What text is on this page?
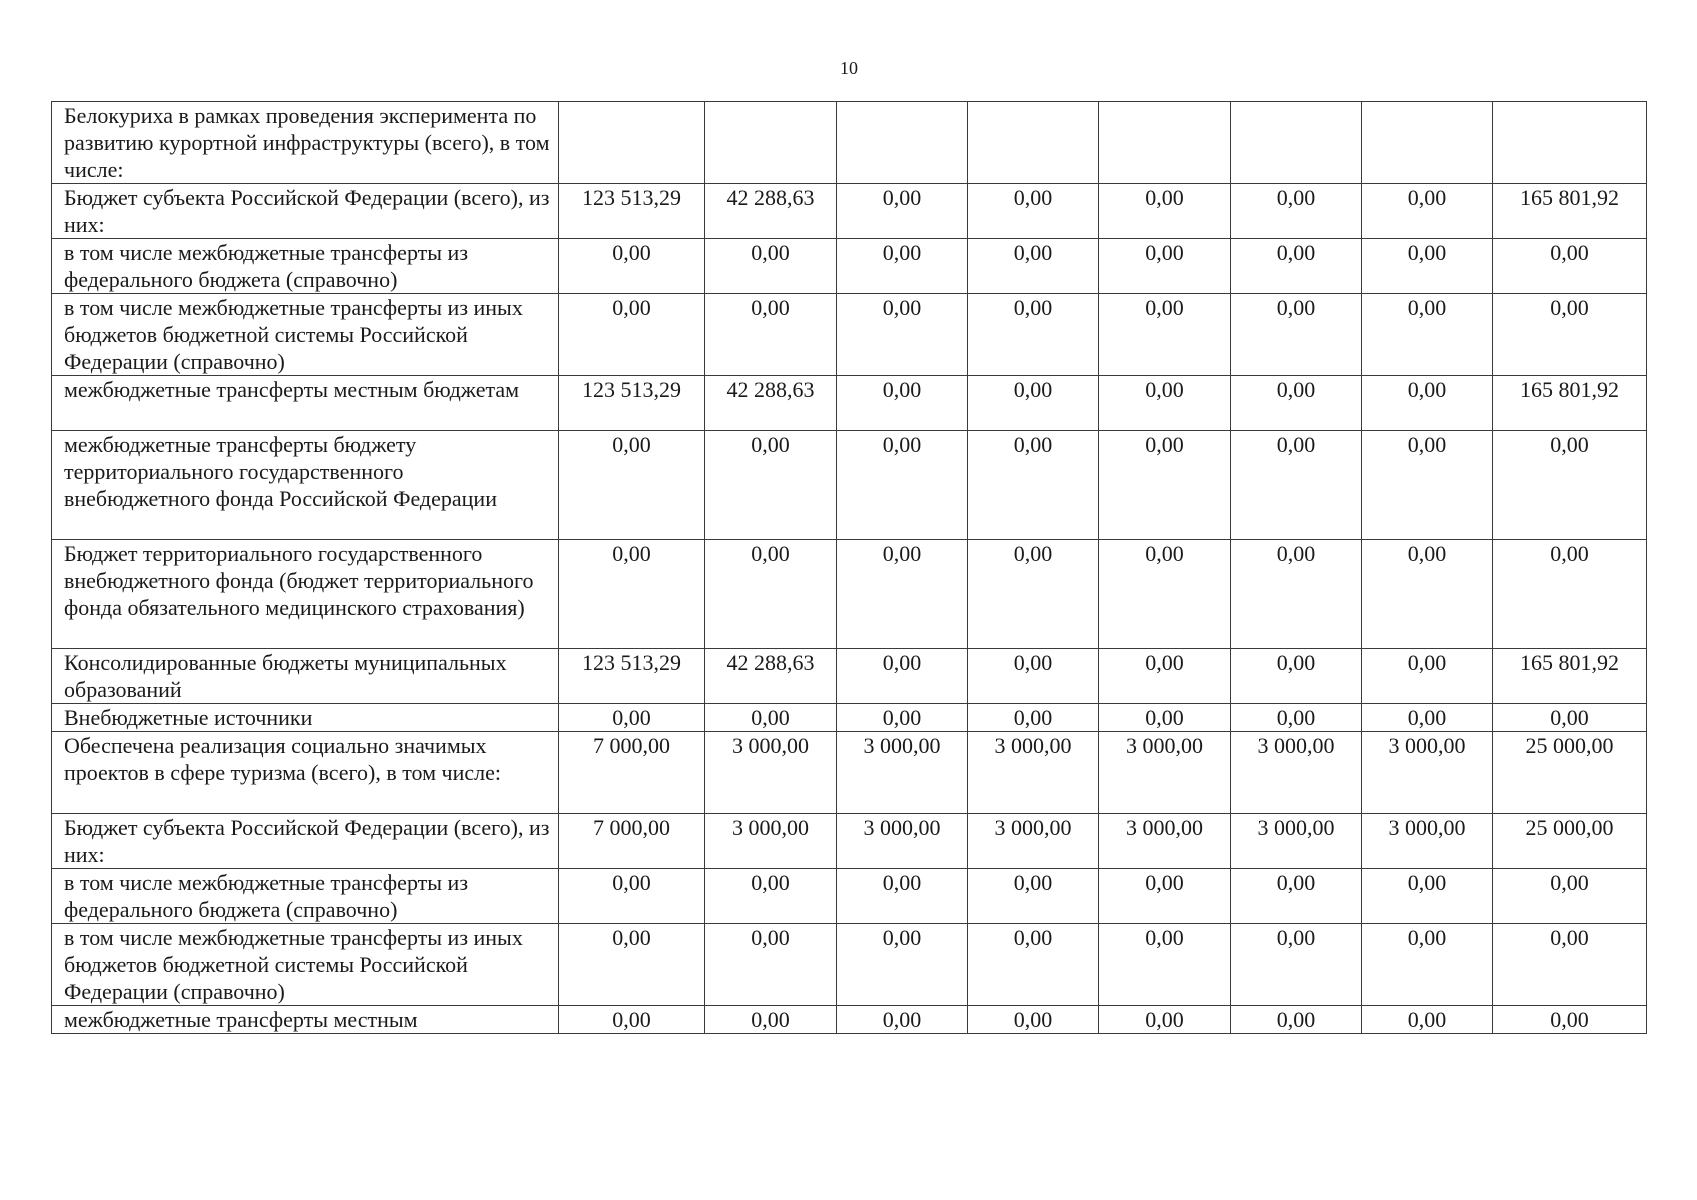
10
Белокуриха в рамках проведения эксперимента по развитию курортной инфраструктуры (всего), в том числе:								
Бюджет субъекта Российской Федерации (всего), из них:	123 513,29	42 288,63	0,00	0,00	0,00	0,00	0,00	165 801,92
в том числе межбюджетные трансферты из федерального бюджета (справочно)	0,00	0,00	0,00	0,00	0,00	0,00	0,00	0,00
в том числе межбюджетные трансферты из иных бюджетов бюджетной системы Российской Федерации (справочно)	0,00	0,00	0,00	0,00	0,00	0,00	0,00	0,00
межбюджетные трансферты местным бюджетам	123 513,29	42 288,63	0,00	0,00	0,00	0,00	0,00	165 801,92
межбюджетные трансферты бюджету территориального государственного внебюджетного фонда Российской Федерации	0,00	0,00	0,00	0,00	0,00	0,00	0,00	0,00
Бюджет территориального государственного внебюджетного фонда (бюджет территориального фонда обязательного медицинского страхования)	0,00	0,00	0,00	0,00	0,00	0,00	0,00	0,00
Консолидированные бюджеты муниципальных образований	123 513,29	42 288,63	0,00	0,00	0,00	0,00	0,00	165 801,92
Внебюджетные источники	0,00	0,00	0,00	0,00	0,00	0,00	0,00	0,00
Обеспечена реализация социально значимых проектов в сфере туризма (всего), в том числе:	7 000,00	3 000,00	3 000,00	3 000,00	3 000,00	3 000,00	3 000,00	25 000,00
Бюджет субъекта Российской Федерации (всего), из них:	7 000,00	3 000,00	3 000,00	3 000,00	3 000,00	3 000,00	3 000,00	25 000,00
в том числе межбюджетные трансферты из федерального бюджета (справочно)	0,00	0,00	0,00	0,00	0,00	0,00	0,00	0,00
в том числе межбюджетные трансферты из иных бюджетов бюджетной системы Российской Федерации (справочно)	0,00	0,00	0,00	0,00	0,00	0,00	0,00	0,00
межбюджетные трансферты местным	0,00	0,00	0,00	0,00	0,00	0,00	0,00	0,00
